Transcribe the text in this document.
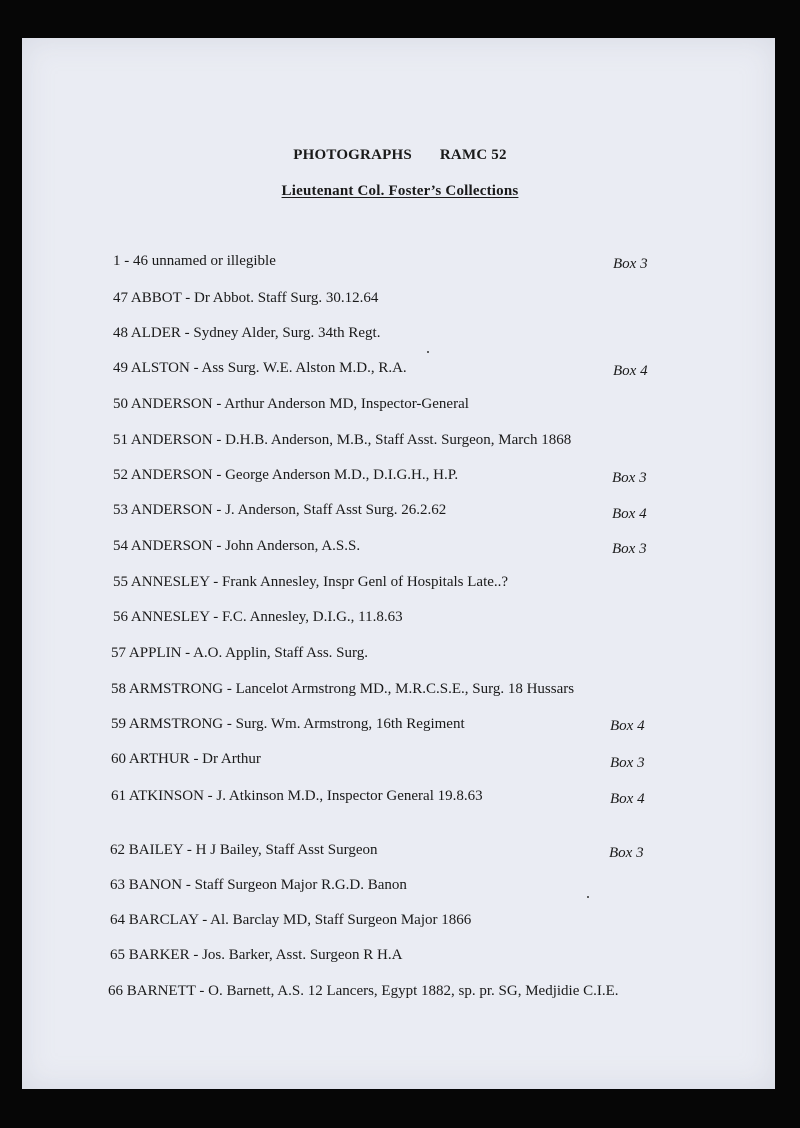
PHOTOGRAPHS RAMC 52
Lieutenant Col. Foster’s Collections
1 - 46 unnamed or illegible	Box 3
47 ABBOT - Dr Abbot. Staff Surg. 30.12.64
48 ALDER - Sydney Alder, Surg. 34th Regt.
49 ALSTON - Ass Surg. W.E. Alston M.D., R.A.	Box 4
50 ANDERSON - Arthur Anderson MD, Inspector-General
51 ANDERSON - D.H.B. Anderson, M.B., Staff Asst. Surgeon, March 1868
52 ANDERSON - George Anderson M.D., D.I.G.H., H.P.	Box 3
53 ANDERSON - J. Anderson, Staff Asst Surg. 26.2.62	Box 4
54 ANDERSON - John Anderson, A.S.S.	Box 3
55 ANNESLEY - Frank Annesley, Inspr Genl of Hospitals Late..?
56 ANNESLEY - F.C. Annesley, D.I.G., 11.8.63
57 APPLIN - A.O. Applin, Staff Ass. Surg.
58 ARMSTRONG - Lancelot Armstrong MD., M.R.C.S.E., Surg. 18 Hussars
59 ARMSTRONG - Surg. Wm. Armstrong, 16th Regiment	Box 4
60 ARTHUR - Dr Arthur	Box 3
61 ATKINSON - J. Atkinson M.D., Inspector General 19.8.63	Box 4
62 BAILEY - H J Bailey, Staff Asst Surgeon	Box 3
63 BANON - Staff Surgeon Major R.G.D. Banon
64 BARCLAY - Al. Barclay MD, Staff Surgeon Major 1866
65 BARKER - Jos. Barker, Asst. Surgeon R H.A
66 BARNETT - O. Barnett, A.S. 12 Lancers, Egypt 1882, sp. pr. SG, Medjidie C.I.E.
